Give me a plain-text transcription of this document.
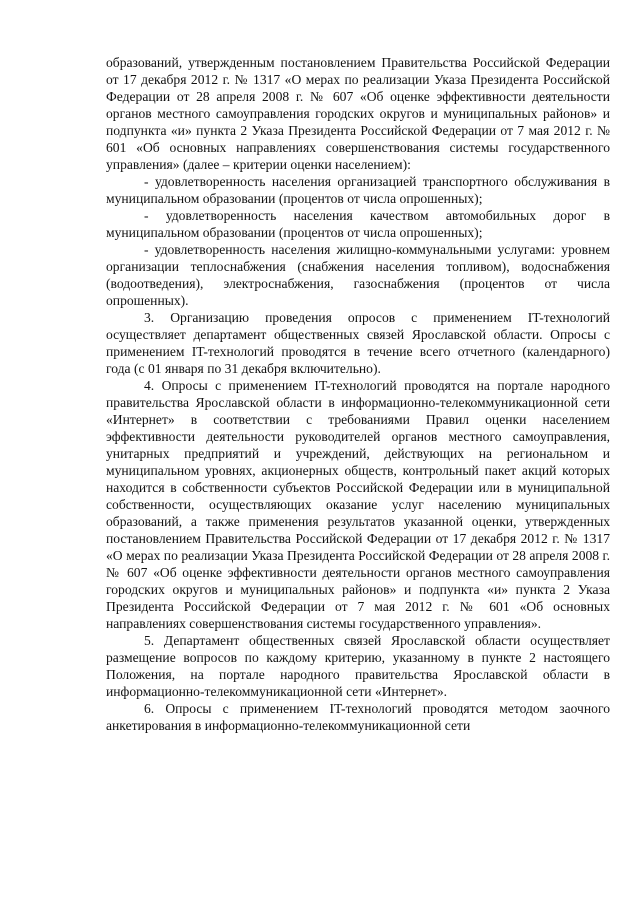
образований, утвержденным постановлением Правительства Российской Федерации от 17 декабря 2012 г. № 1317 «О мерах по реализации Указа Президента Российской Федерации от 28 апреля 2008 г. № 607 «Об оценке эффективности деятельности органов местного самоуправления городских округов и муниципальных районов» и подпункта «и» пункта 2 Указа Президента Российской Федерации от 7 мая 2012 г. № 601 «Об основных направлениях совершенствования системы государственного управления» (далее – критерии оценки населением):

- удовлетворенность населения организацией транспортного обслуживания в муниципальном образовании (процентов от числа опрошенных);

- удовлетворенность населения качеством автомобильных дорог в муниципальном образовании (процентов от числа опрошенных);

- удовлетворенность населения жилищно-коммунальными услугами: уровнем организации теплоснабжения (снабжения населения топливом), водоснабжения (водоотведения), электроснабжения, газоснабжения (процентов от числа опрошенных).

3. Организацию проведения опросов с применением IT-технологий осуществляет департамент общественных связей Ярославской области. Опросы с применением IT-технологий проводятся в течение всего отчетного (календарного) года (с 01 января по 31 декабря включительно).

4. Опросы с применением IT-технологий проводятся на портале народного правительства Ярославской области в информационно-телекоммуникационной сети «Интернет» в соответствии с требованиями Правил оценки населением эффективности деятельности руководителей органов местного самоуправления, унитарных предприятий и учреждений, действующих на региональном и муниципальном уровнях, акционерных обществ, контрольный пакет акций которых находится в собственности субъектов Российской Федерации или в муниципальной собственности, осуществляющих оказание услуг населению муниципальных образований, а также применения результатов указанной оценки, утвержденных постановлением Правительства Российской Федерации от 17 декабря 2012 г. № 1317 «О мерах по реализации Указа Президента Российской Федерации от 28 апреля 2008 г. № 607 «Об оценке эффективности деятельности органов местного самоуправления городских округов и муниципальных районов» и подпункта «и» пункта 2 Указа Президента Российской Федерации от 7 мая 2012 г. № 601 «Об основных направлениях совершенствования системы государственного управления».

5. Департамент общественных связей Ярославской области осуществляет размещение вопросов по каждому критерию, указанному в пункте 2 настоящего Положения, на портале народного правительства Ярославской области в информационно-телекоммуникационной сети «Интернет».

6. Опросы с применением IT-технологий проводятся методом заочного анкетирования в информационно-телекоммуникационной сети
